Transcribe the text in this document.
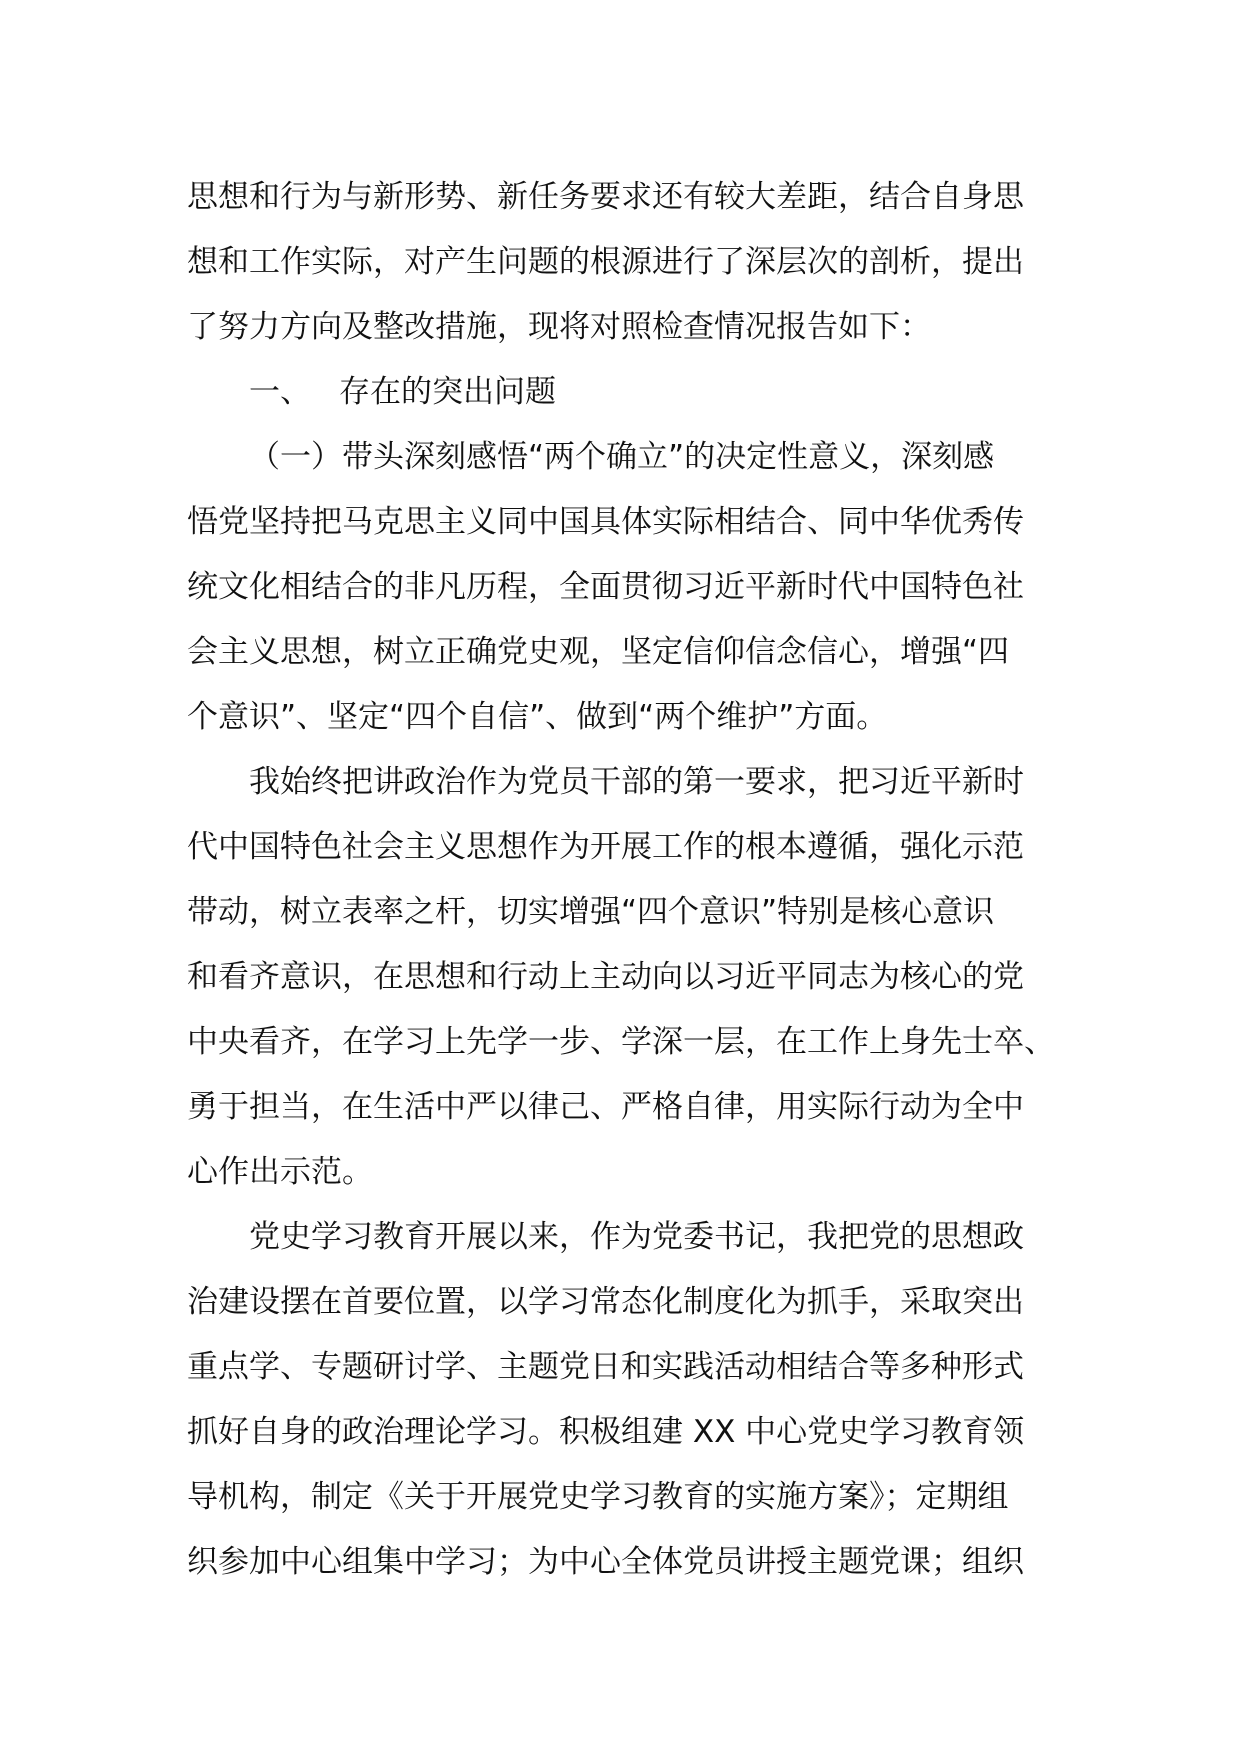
思想和行为与新形势、新任务要求还有较大差距，结合自身思
想和工作实际，对产生问题的根源进行了深层次的剖析，提出
了努力方向及整改措施，现将对照检查情况报告如下：
一、 存在的突出问题
（一）带头深刻感悟“两个确立”的决定性意义，深刻感
悟党坚持把马克思主义同中国具体实际相结合、同中华优秀传
统文化相结合的非凡历程，全面贯彻习近平新时代中国特色社
会主义思想，树立正确党史观，坚定信仰信念信心，增强“四
个意识”、坚定“四个自信”、做到“两个维护”方面。
我始终把讲政治作为党员干部的第一要求，把习近平新时
代中国特色社会主义思想作为开展工作的根本遵循，强化示范
带动，树立表率之杆，切实增强“四个意识”特别是核心意识
和看齐意识，在思想和行动上主动向以习近平同志为核心的党
中央看齐，在学习上先学一步、学深一层，在工作上身先士卒、
勇于担当，在生活中严以律己、严格自律，用实际行动为全中
心作出示范。
党史学习教育开展以来，作为党委书记，我把党的思想政
治建设摆在首要位置，以学习常态化制度化为抓手，采取突出
重点学、专题研讨学、主题党日和实践活动相结合等多种形式
抓好自身的政治理论学习。积极组建 XX 中心党史学习教育领
导机构，制定《关于开展党史学习教育的实施方案》；定期组
织参加中心组集中学习；为中心全体党员讲授主题党课；组织
